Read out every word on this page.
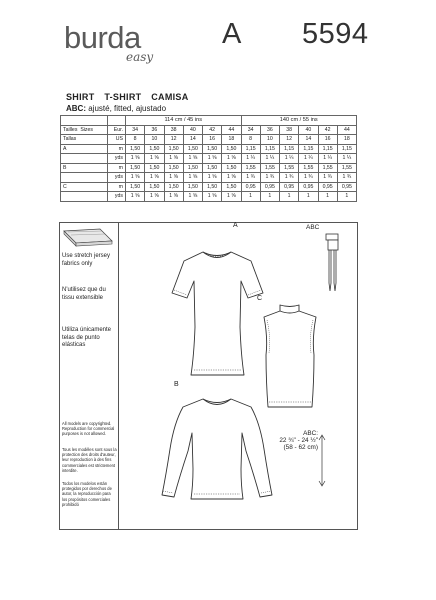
burda
easy
A 5594
SHIRT T-SHIRT CAMISA
ABC: ajusté, fitted, ajustado
		114 cm / 45 ins						140 cm / 55 ins					
Tailles Sizes	Eur.	34	36	38	40	42	44	34	36	38	40	42	44
Tallas	US	8	10	12	14	16	18	8	10	12	14	16	18
A	m	1,50	1,50	1,50	1,50	1,50	1,50	1,15	1,15	1,15	1,15	1,15	1,15
	yds	1 ⅝	1 ⅝	1 ⅝	1 ⅝	1 ⅝	1 ⅝	1 ¼	1 ¼	1 ¼	1 ¼	1 ¼	1 ¼
B	m	1,50	1,50	1,50	1,50	1,50	1,50	1,55	1,55	1,55	1,55	1,55	1,55
	yds	1 ⅝	1 ⅝	1 ⅝	1 ⅝	1 ⅝	1 ⅝	1 ¾	1 ¾	1 ¾	1 ¾	1 ¾	1 ¾
C	m	1,50	1,50	1,50	1,50	1,50	1,50	0,95	0,95	0,95	0,95	0,95	0,95
	yds	1 ⅝	1 ⅝	1 ⅝	1 ⅝	1 ⅝	1 ⅝	1	1	1	1	1	1
Use stretch jersey fabrics only
N'utilisez que du tissu extensible
Utiliza únicamente telas de punto elásticas
All models are copyrighted. Reproduction for commercial purposes is not allowed.
Tous les modèles sont sous la protection des droits d'auteur, leur reproduction à des fins commerciales est strictement interdite.
Todos los modelos están protegidos por derechos de autor, la reproducción para los propósitos comerciales prohibidó
A
C
B
ABC
ABC:
22 ¾" - 24 ½"
(58 - 62 cm)
